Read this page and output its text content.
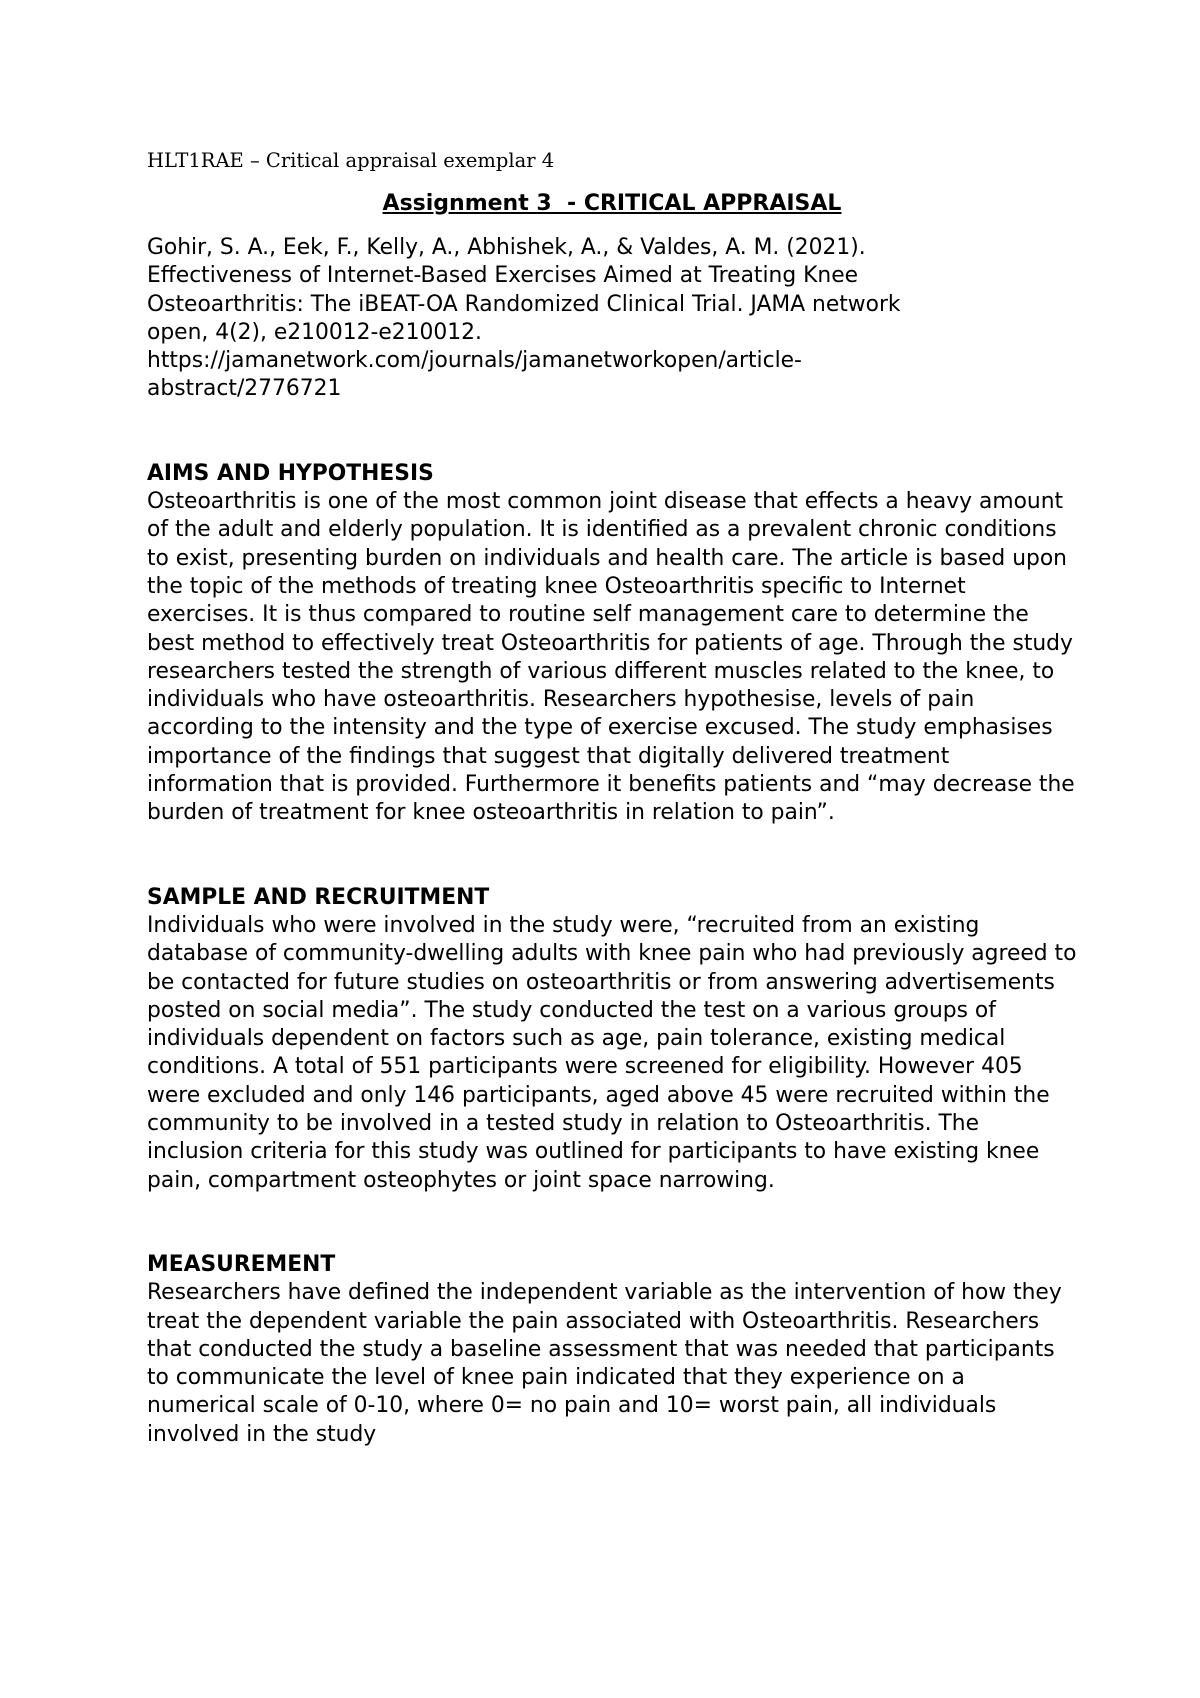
HLT1RAE – Critical appraisal exemplar 4

Assignment 3  - CRITICAL APPRAISAL

Gohir, S. A., Eek, F., Kelly, A., Abhishek, A., & Valdes, A. M. (2021).
Effectiveness of Internet-Based Exercises Aimed at Treating Knee
Osteoarthritis: The iBEAT-OA Randomized Clinical Trial. JAMA network
open, 4(2), e210012-e210012.
https://jamanetwork.com/journals/jamanetworkopen/article-
abstract/2776721

AIMS AND HYPOTHESIS

Osteoarthritis is one of the most common joint disease that effects a heavy amount of the adult and elderly population. It is identified as a prevalent chronic conditions to exist, presenting burden on individuals and health care. The article is based upon the topic of the methods of treating knee Osteoarthritis specific to Internet exercises. It is thus compared to routine self management care to determine the best method to effectively treat Osteoarthritis for patients of age. Through the study researchers tested the strength of various different muscles related to the knee, to individuals who have osteoarthritis. Researchers hypothesise, levels of pain according to the intensity and the type of exercise excused. The study emphasises importance of the findings that suggest that digitally delivered treatment information that is provided. Furthermore it benefits patients and “may decrease the burden of treatment for knee osteoarthritis in relation to pain”.

SAMPLE AND RECRUITMENT

Individuals who were involved in the study were, “recruited from an existing database of community-dwelling adults with knee pain who had previously agreed to be contacted for future studies on osteoarthritis or from answering advertisements posted on social media”. The study conducted the test on a various groups of individuals dependent on factors such as age, pain tolerance, existing medical conditions. A total of 551 participants were screened for eligibility. However 405 were excluded and only 146 participants, aged above 45 were recruited within the community to be involved in a tested study in relation to Osteoarthritis. The inclusion criteria for this study was outlined for participants to have existing knee pain, compartment osteophytes or joint space narrowing.

MEASUREMENT

Researchers have defined the independent variable as the intervention of how they treat the dependent variable the pain associated with Osteoarthritis. Researchers that conducted the study a baseline assessment that was needed that participants to communicate the level of knee pain indicated that they experience on a numerical scale of 0-10, where 0= no pain and 10= worst pain, all individuals involved in the study
